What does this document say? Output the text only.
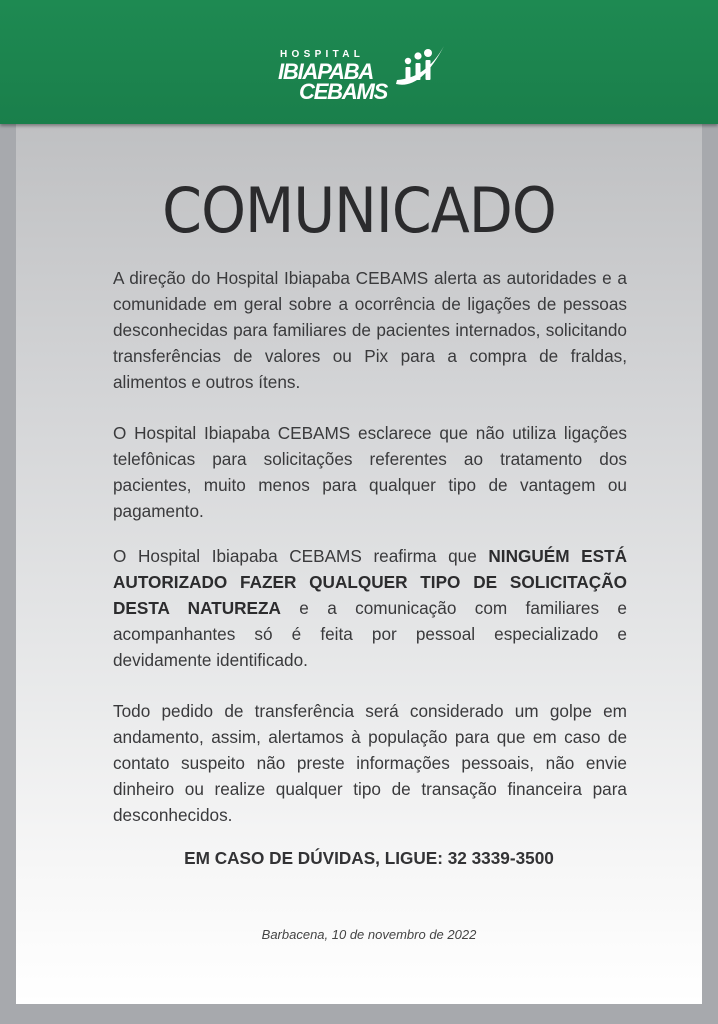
HOSPITAL
IBIAPABA
CEBAMS
COMUNICADO

A direção do Hospital Ibiapaba CEBAMS alerta as autoridades e a comunidade em geral sobre a ocorrência de ligações de pessoas desconhecidas para familiares de pacientes internados, solicitando transferências de valores ou Pix para a compra de fraldas, alimentos e outros ítens.

O Hospital Ibiapaba CEBAMS esclarece que não utiliza ligações telefônicas para solicitações referentes ao tratamento dos pacientes, muito menos para qualquer tipo de vantagem ou pagamento.

O Hospital Ibiapaba CEBAMS reafirma que NINGUÉM ESTÁ AUTORIZADO FAZER QUALQUER TIPO DE SOLICITAÇÃO DESTA NATUREZA e a comunicação com familiares e acompanhantes só é feita por pessoal especializado e devidamente identificado.

Todo pedido de transferência será considerado um golpe em andamento, assim, alertamos à população para que em caso de contato suspeito não preste informações pessoais, não envie dinheiro ou realize qualquer tipo de transação financeira para desconhecidos.

EM CASO DE DÚVIDAS, LIGUE: 32 3339-3500

Barbacena, 10 de novembro de 2022
